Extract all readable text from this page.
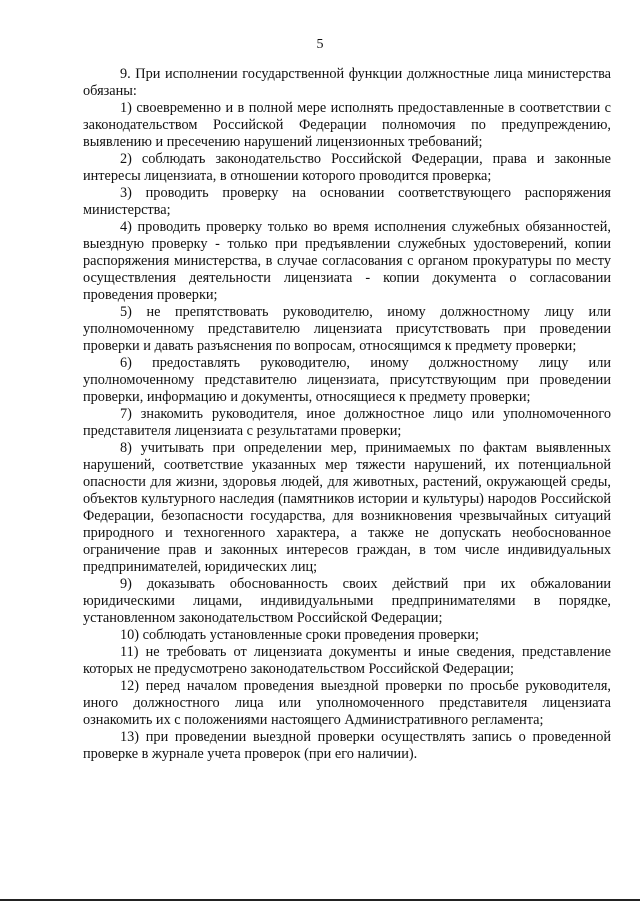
5

9. При исполнении государственной функции должностные лица министерства обязаны:

1) своевременно и в полной мере исполнять предоставленные в соответствии с законодательством Российской Федерации полномочия по предупреждению, выявлению и пресечению нарушений лицензионных требований;

2) соблюдать законодательство Российской Федерации, права и законные интересы лицензиата, в отношении которого проводится проверка;

3) проводить проверку на основании соответствующего распоряжения министерства;

4) проводить проверку только во время исполнения служебных обязанностей, выездную проверку - только при предъявлении служебных удостоверений, копии распоряжения министерства, в случае согласования с органом прокуратуры по месту осуществления деятельности лицензиата - копии документа о согласовании проведения проверки;

5) не препятствовать руководителю, иному должностному лицу или уполномоченному представителю лицензиата присутствовать при проведении проверки и давать разъяснения по вопросам, относящимся к предмету проверки;

6) предоставлять руководителю, иному должностному лицу или уполномоченному представителю лицензиата, присутствующим при проведении проверки, информацию и документы, относящиеся к предмету проверки;

7) знакомить руководителя, иное должностное лицо или уполномоченного представителя лицензиата с результатами проверки;

8) учитывать при определении мер, принимаемых по фактам выявленных нарушений, соответствие указанных мер тяжести нарушений, их потенциальной опасности для жизни, здоровья людей, для животных, растений, окружающей среды, объектов культурного наследия (памятников истории и культуры) народов Российской Федерации, безопасности государства, для возникновения чрезвычайных ситуаций природного и техногенного характера, а также не допускать необоснованное ограничение прав и законных интересов граждан, в том числе индивидуальных предпринимателей, юридических лиц;

9) доказывать обоснованность своих действий при их обжаловании юридическими лицами, индивидуальными предпринимателями в порядке, установленном законодательством Российской Федерации;

10) соблюдать установленные сроки проведения проверки;

11) не требовать от лицензиата документы и иные сведения, представление которых не предусмотрено законодательством Российской Федерации;

12) перед началом проведения выездной проверки по просьбе руководителя, иного должностного лица или уполномоченного представителя лицензиата ознакомить их с положениями настоящего Административного регламента;

13) при проведении выездной проверки осуществлять запись о проведенной проверке в журнале учета проверок (при его наличии).
